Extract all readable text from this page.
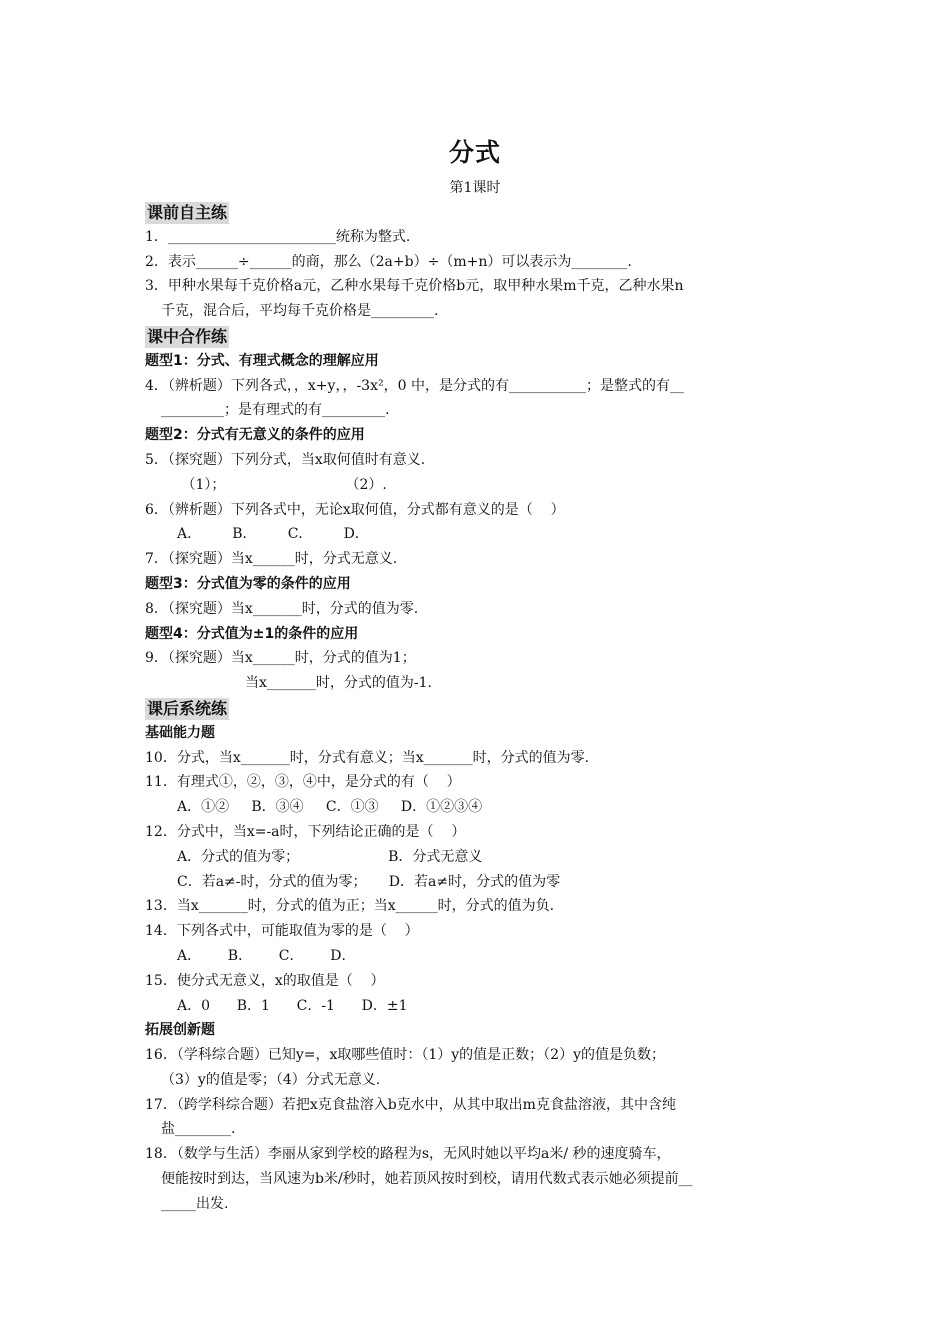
分式
第1课时
课前自主练
1．________________________统称为整式.
2．表示______÷______的商，那么（2a+b）÷（m+n）可以表示为________.
3．甲种水果每千克价格a元，乙种水果每千克价格b元，取甲种水果m千克，乙种水果n
千克，混合后，平均每千克价格是_________.
课中合作练
题型1：分式、有理式概念的理解应用
4．（辨析题）下列各式，，x+y，，-3x²，0 中，是分式的有___________；是整式的有__
_________；是有理式的有_________.
题型2：分式有无意义的条件的应用
5．（探究题）下列分式，当x取何值时有意义.
（1）；                           （2）.
6．（辨析题）下列各式中，无论x取何值，分式都有意义的是（    ）
A．       B．       C．       D．
7．（探究题）当x______时，分式无意义.
题型3：分式值为零的条件的应用
8．（探究题）当x_______时，分式的值为零.
题型4：分式值为±1的条件的应用
9．（探究题）当x______时，分式的值为1；
当x_______时，分式的值为-1.
课后系统练
基础能力题
10．分式，当x_______时，分式有意义；当x_______时，分式的值为零.
11．有理式①，②，③，④中，是分式的有（    ）
A．①②     B．③④     C．①③     D．①②③④
12．分式中，当x=-a时，下列结论正确的是（    ）
A．分式的值为零；                    B．分式无意义
C．若a≠-时，分式的值为零；     D．若a≠时，分式的值为零
13．当x_______时，分式的值为正；当x______时，分式的值为负.
14．下列各式中，可能取值为零的是（    ）
A．      B．      C．      D．
15．使分式无意义，x的取值是（    ）
A．0      B．1      C．-1      D．±1
拓展创新题
16．（学科综合题）已知y=，x取哪些值时：（1）y的值是正数；（2）y的值是负数；
（3）y的值是零；（4）分式无意义.
17．（跨学科综合题）若把x克食盐溶入b克水中，从其中取出m克食盐溶液，其中含纯
盐________.
18．（数学与生活）李丽从家到学校的路程为s，无风时她以平均a米/ 秒的速度骑车，
便能按时到达，当风速为b米/秒时，她若顶风按时到校，请用代数式表示她必须提前__
_____出发.
